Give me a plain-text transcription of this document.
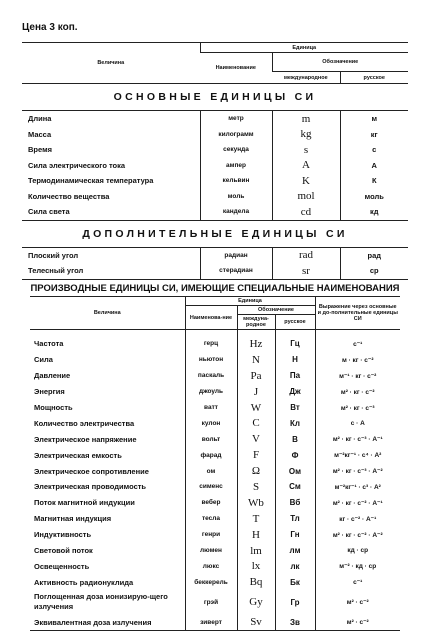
Цена 3 коп.
Величина	Единица		
	Наименование	Обозначение	
		международное	русское
ОСНОВНЫЕ ЕДИНИЦЫ СИ			
Длина	метр	m	м
Масса	килограмм	kg	кг
Время	секунда	s	с
Сила электрического тока	ампер	A	А
Термодинамическая температура	кельвин	K	К
Количество вещества	моль	mol	моль
Сила света	кандела	cd	кд
ДОПОЛНИТЕЛЬНЫЕ ЕДИНИЦЫ СИ			
Плоский угол	радиан	rad	рад
Телесный угол	стерадиан	sr	ср
ПРОИЗВОДНЫЕ ЕДИНИЦЫ СИ, ИМЕЮЩИЕ СПЕЦИАЛЬНЫЕ НАИМЕНОВАНИЯ
Величина	Единица			Выражение через основные и до-полнительные единицы СИ
	Наименова-ние	Обозначение		
		междуна-родное	русское	
Частота	герц	Hz	Гц	с⁻¹
Сила	ньютон	N	Н	м · кг · с⁻²
Давление	паскаль	Pa	Па	м⁻¹ · кг · с⁻²
Энергия	джоуль	J	Дж	м² · кг · с⁻²
Мощность	ватт	W	Вт	м² · кг · с⁻³
Количество электричества	кулон	C	Кл	с · А
Электрическое напряжение	вольт	V	В	м² · кг · с⁻³ · А⁻¹
Электрическая емкость	фарад	F	Ф	м⁻²кг⁻¹ · с⁴ · А²
Электрическое сопротивление	ом	Ω	Ом	м² · кг · с⁻³ · А⁻²
Электрическая проводимость	сименс	S	См	м⁻²кг⁻¹ · с³ · А²
Поток магнитной индукции	вебер	Wb	Вб	м² · кг · с⁻² · А⁻¹
Магнитная индукция	тесла	T	Тл	кг · с⁻² · А⁻¹
Индуктивность	генри	H	Гн	м² · кг · с⁻² · А⁻²
Световой поток	люмен	lm	лм	кд · ср
Освещенность	люкс	lx	лк	м⁻² · кд · ср
Активность радионуклида	беккерель	Bq	Бк	с⁻¹
Поглощенная доза ионизирую-щего излучения	грэй	Gy	Гр	м² · с⁻²
Эквивалентная доза излучения	зиверт	Sv	Зв	м² · с⁻²
